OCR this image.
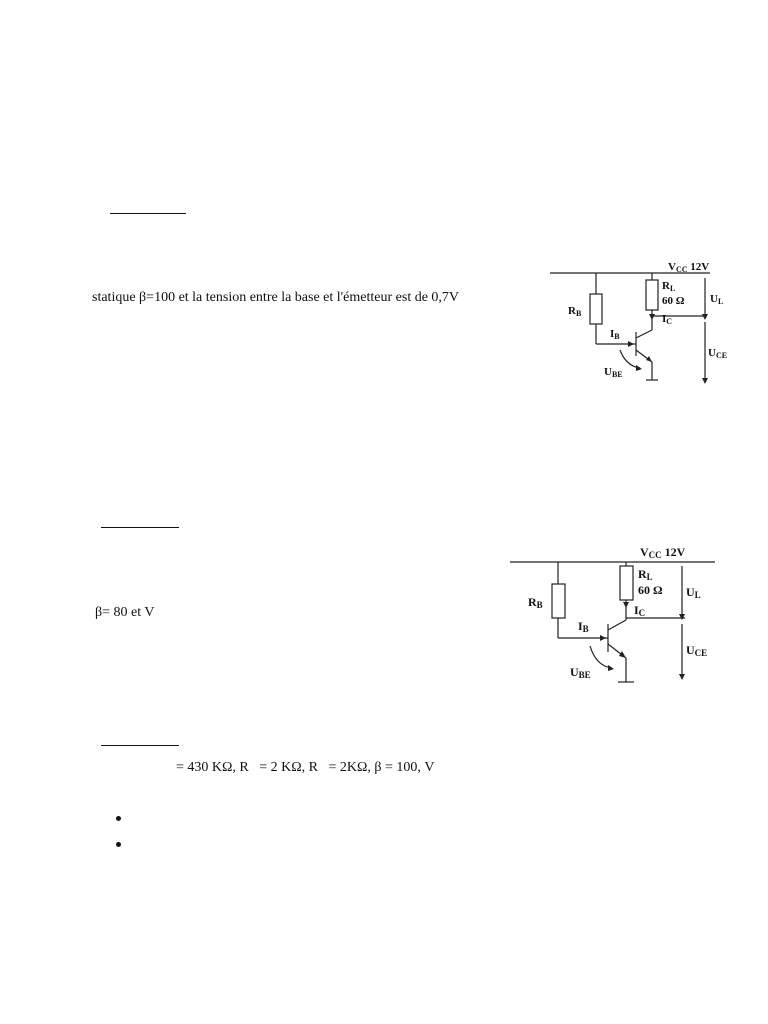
statique β=100 et la tension entre la base et l'émetteur est de 0,7V
VCC 12V
RL
60 Ω
IC
RB
IB
UBE
UL
UCE
β= 80 et V
VCC 12V
RL
60 Ω
IC
RB
IB
UBE
UL
UCE
= 430 KΩ, R   = 2 KΩ, R   = 2KΩ, β = 100, V
